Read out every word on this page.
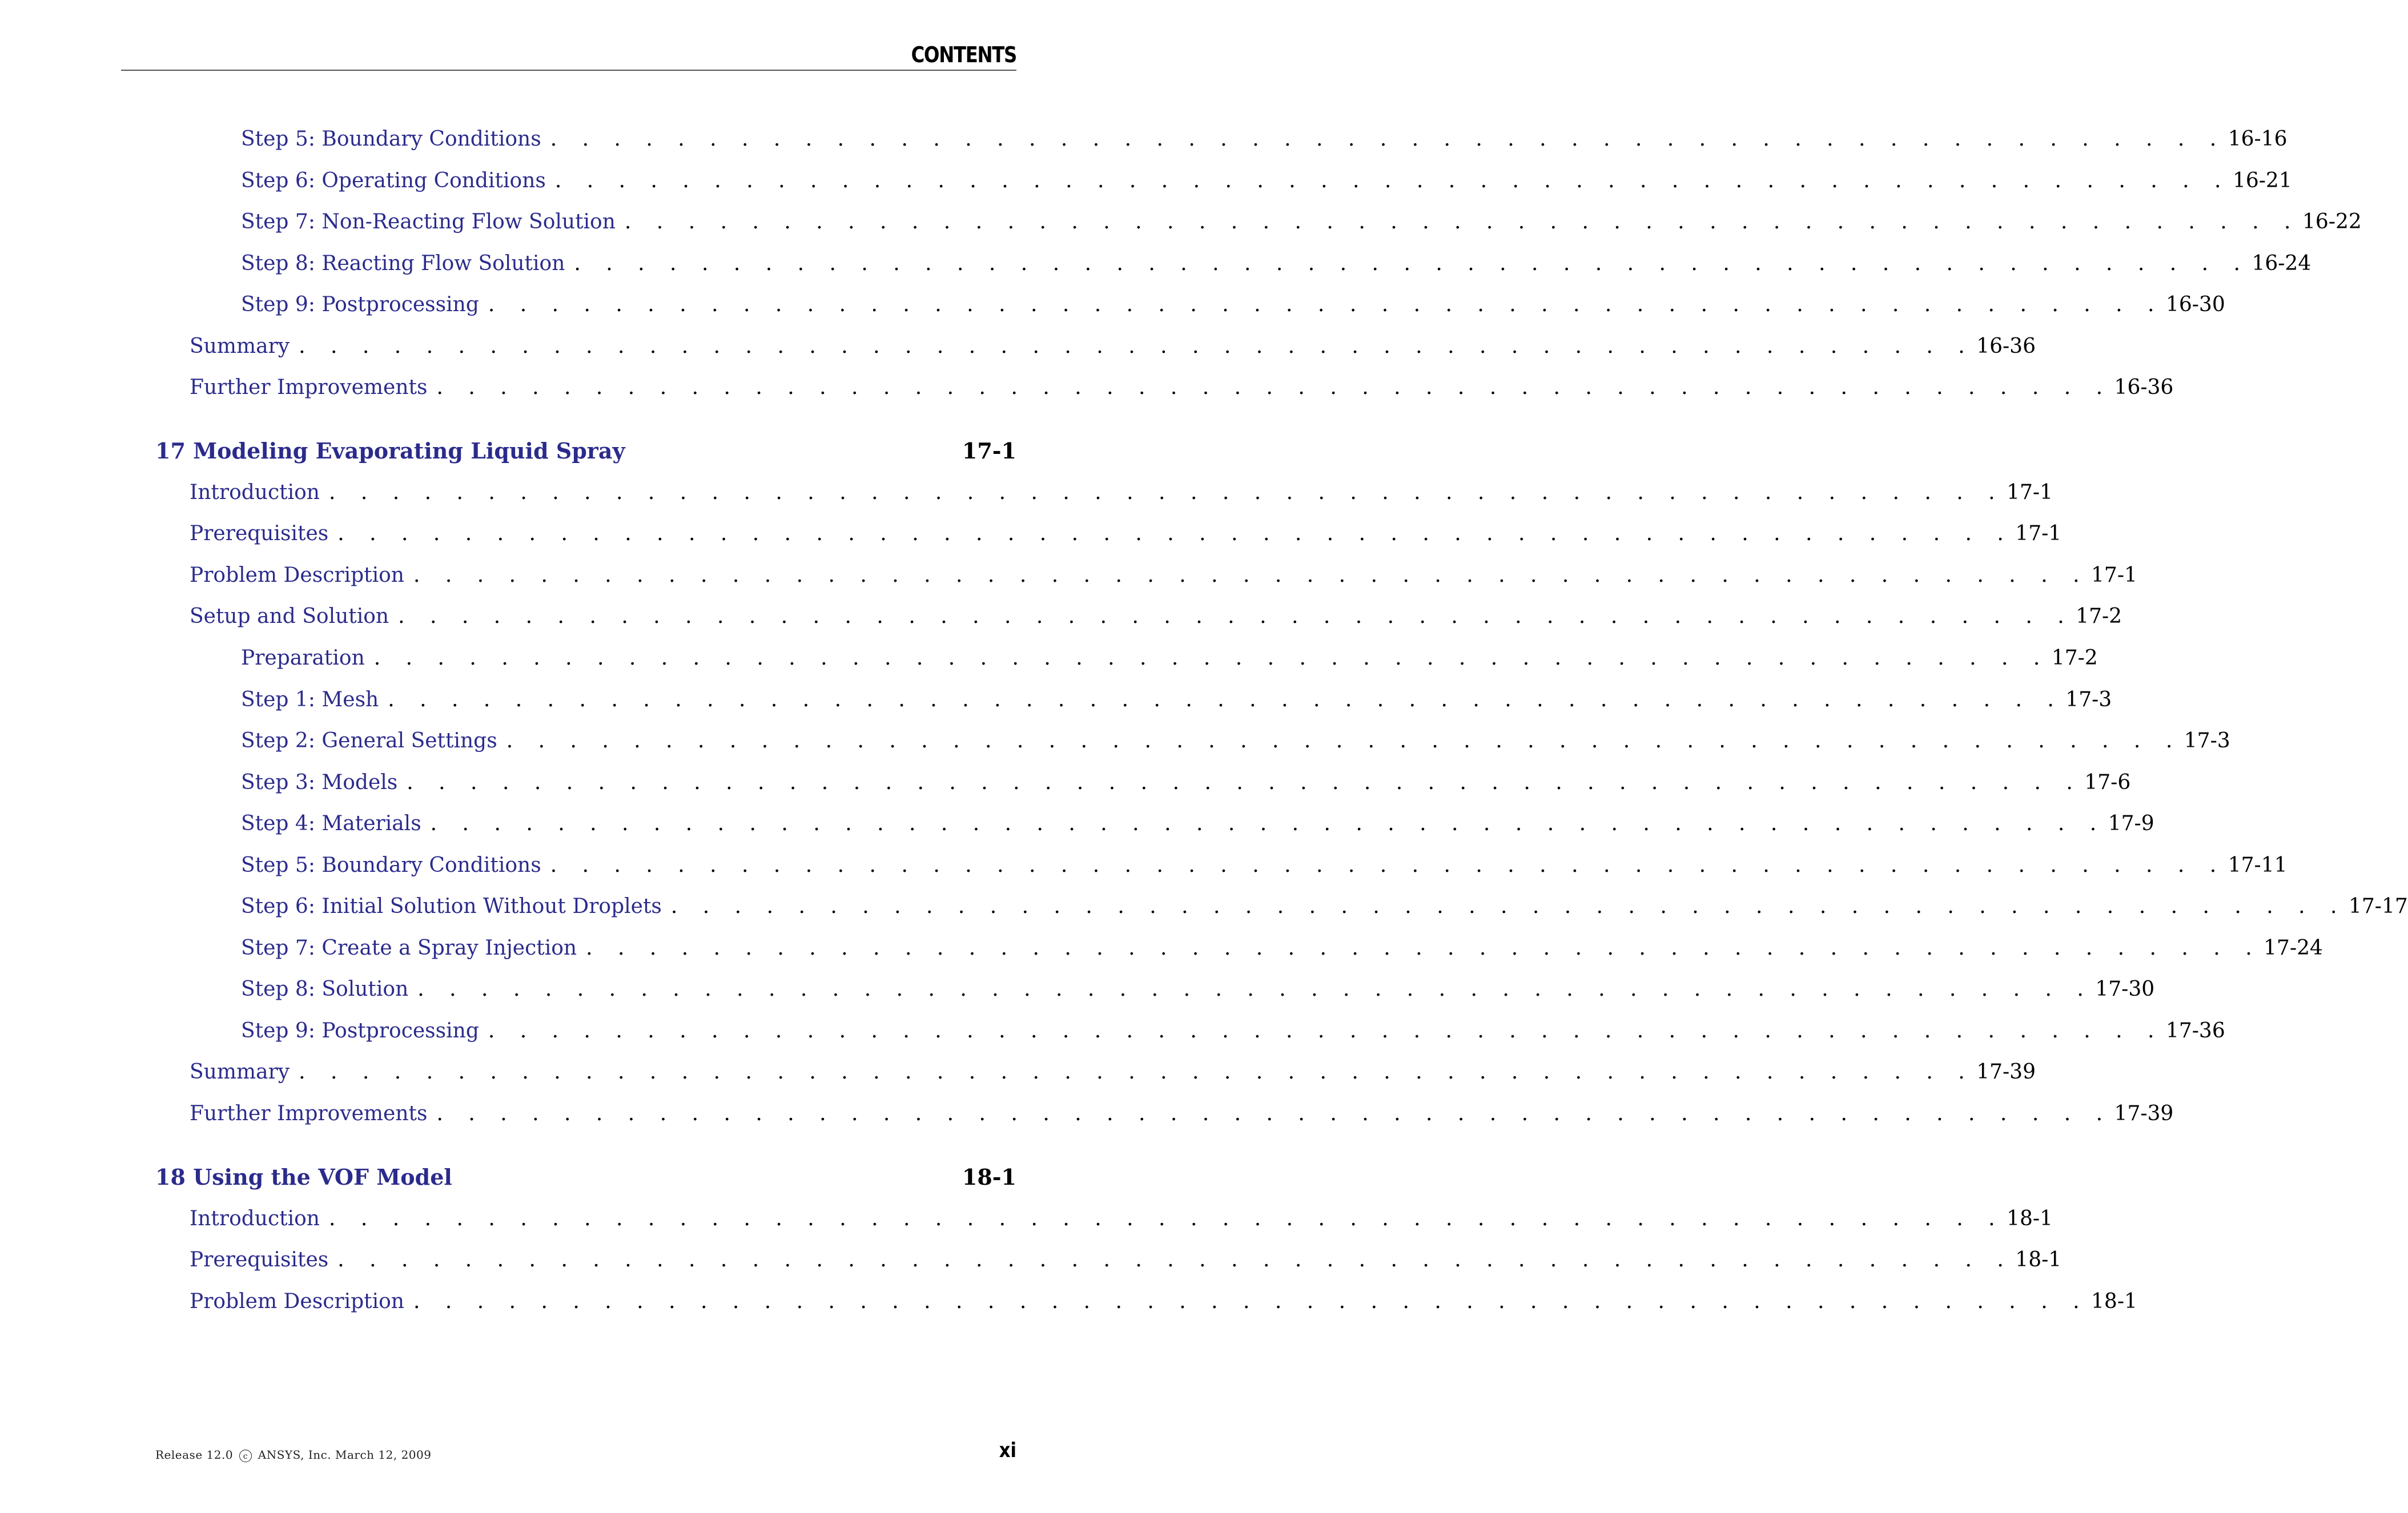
CONTENTS
Step 5: Boundary Conditions . . . . . . . . . . . . . . . . . . . . . . . . . . . . . . . . . . . . . . . . . . . . . . . . . . . . . 16-16
Step 6: Operating Conditions . . . . . . . . . . . . . . . . . . . . . . . . . . . . . . . . . . . . . . . . . . . . . . . . . . . . . 16-21
Step 7: Non-Reacting Flow Solution . . . . . . . . . . . . . . . . . . . . . . . . . . . . . . . . . . . . . . . . . . . . . . . . . . . . . 16-22
Step 8: Reacting Flow Solution . . . . . . . . . . . . . . . . . . . . . . . . . . . . . . . . . . . . . . . . . . . . . . . . . . . . . 16-24
Step 9: Postprocessing . . . . . . . . . . . . . . . . . . . . . . . . . . . . . . . . . . . . . . . . . . . . . . . . . . . . . 16-30
Summary . . . . . . . . . . . . . . . . . . . . . . . . . . . . . . . . . . . . . . . . . . . . . . . . . . . . . 16-36
Further Improvements . . . . . . . . . . . . . . . . . . . . . . . . . . . . . . . . . . . . . . . . . . . . . . . . . . . . . 16-36
17 Modeling Evaporating Liquid Spray	17-1
Introduction . . . . . . . . . . . . . . . . . . . . . . . . . . . . . . . . . . . . . . . . . . . . . . . . . . . . . 17-1
Prerequisites . . . . . . . . . . . . . . . . . . . . . . . . . . . . . . . . . . . . . . . . . . . . . . . . . . . . . 17-1
Problem Description . . . . . . . . . . . . . . . . . . . . . . . . . . . . . . . . . . . . . . . . . . . . . . . . . . . . . 17-1
Setup and Solution . . . . . . . . . . . . . . . . . . . . . . . . . . . . . . . . . . . . . . . . . . . . . . . . . . . . . 17-2
Preparation . . . . . . . . . . . . . . . . . . . . . . . . . . . . . . . . . . . . . . . . . . . . . . . . . . . . . 17-2
Step 1: Mesh . . . . . . . . . . . . . . . . . . . . . . . . . . . . . . . . . . . . . . . . . . . . . . . . . . . . . 17-3
Step 2: General Settings . . . . . . . . . . . . . . . . . . . . . . . . . . . . . . . . . . . . . . . . . . . . . . . . . . . . . 17-3
Step 3: Models . . . . . . . . . . . . . . . . . . . . . . . . . . . . . . . . . . . . . . . . . . . . . . . . . . . . . 17-6
Step 4: Materials . . . . . . . . . . . . . . . . . . . . . . . . . . . . . . . . . . . . . . . . . . . . . . . . . . . . . 17-9
Step 5: Boundary Conditions . . . . . . . . . . . . . . . . . . . . . . . . . . . . . . . . . . . . . . . . . . . . . . . . . . . . . 17-11
Step 6: Initial Solution Without Droplets . . . . . . . . . . . . . . . . . . . . . . . . . . . . . . . . . . . . . . . . . . . . . . . . . . . . . 17-17
Step 7: Create a Spray Injection . . . . . . . . . . . . . . . . . . . . . . . . . . . . . . . . . . . . . . . . . . . . . . . . . . . . . 17-24
Step 8: Solution . . . . . . . . . . . . . . . . . . . . . . . . . . . . . . . . . . . . . . . . . . . . . . . . . . . . . 17-30
Step 9: Postprocessing . . . . . . . . . . . . . . . . . . . . . . . . . . . . . . . . . . . . . . . . . . . . . . . . . . . . . 17-36
Summary . . . . . . . . . . . . . . . . . . . . . . . . . . . . . . . . . . . . . . . . . . . . . . . . . . . . . 17-39
Further Improvements . . . . . . . . . . . . . . . . . . . . . . . . . . . . . . . . . . . . . . . . . . . . . . . . . . . . . 17-39
18 Using the VOF Model	18-1
Introduction . . . . . . . . . . . . . . . . . . . . . . . . . . . . . . . . . . . . . . . . . . . . . . . . . . . . . 18-1
Prerequisites . . . . . . . . . . . . . . . . . . . . . . . . . . . . . . . . . . . . . . . . . . . . . . . . . . . . . 18-1
Problem Description . . . . . . . . . . . . . . . . . . . . . . . . . . . . . . . . . . . . . . . . . . . . . . . . . . . . . 18-1
Release 12.0 c ANSYS, Inc. March 12, 2009	xi
